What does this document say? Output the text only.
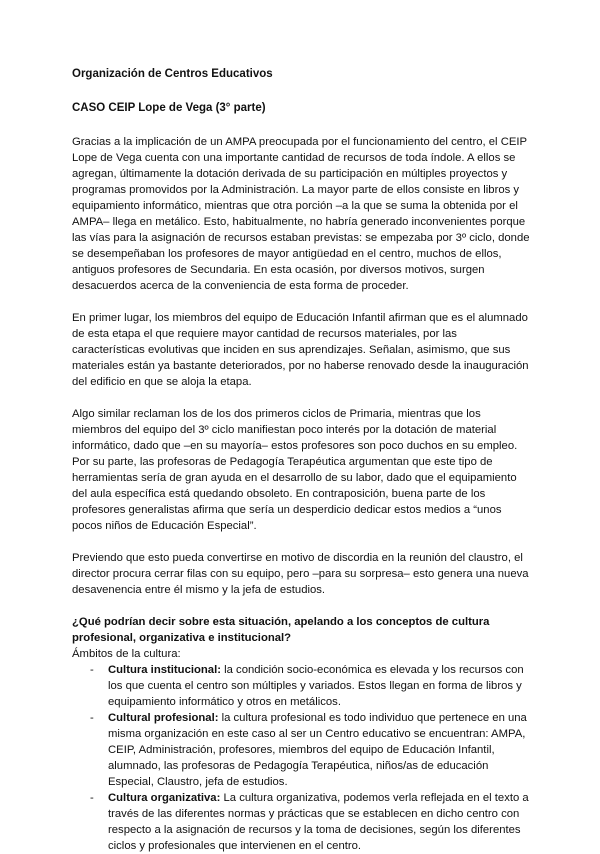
Organización de Centros Educativos
CASO CEIP Lope de Vega (3° parte)

Gracias a la implicación de un AMPA preocupada por el funcionamiento del centro, el CEIP Lope de Vega cuenta con una importante cantidad de recursos de toda índole. A ellos se agregan, últimamente la dotación derivada de su participación en múltiples proyectos y programas promovidos por la Administración. La mayor parte de ellos consiste en libros y equipamiento informático, mientras que otra porción –a la que se suma la obtenida por el AMPA– llega en metálico. Esto, habitualmente, no habría generado inconvenientes porque las vías para la asignación de recursos estaban previstas: se empezaba por 3º ciclo, donde se desempeñaban los profesores de mayor antigüedad en el centro, muchos de ellos, antiguos profesores de Secundaria. En esta ocasión, por diversos motivos, surgen desacuerdos acerca de la conveniencia de esta forma de proceder.

En primer lugar, los miembros del equipo de Educación Infantil afirman que es el alumnado de esta etapa el que requiere mayor cantidad de recursos materiales, por las características evolutivas que inciden en sus aprendizajes. Señalan, asimismo, que sus materiales están ya bastante deteriorados, por no haberse renovado desde la inauguración del edificio en que se aloja la etapa.

Algo similar reclaman los de los dos primeros ciclos de Primaria, mientras que los miembros del equipo del 3º ciclo manifiestan poco interés por la dotación de material informático, dado que –en su mayoría– estos profesores son poco duchos en su empleo. Por su parte, las profesoras de Pedagogía Terapéutica argumentan que este tipo de herramientas sería de gran ayuda en el desarrollo de su labor, dado que el equipamiento del aula específica está quedando obsoleto. En contraposición, buena parte de los profesores generalistas afirma que sería un desperdicio dedicar estos medios a “unos pocos niños de Educación Especial”.

Previendo que esto pueda convertirse en motivo de discordia en la reunión del claustro, el director procura cerrar filas con su equipo, pero –para su sorpresa– esto genera una nueva desavenencia entre él mismo y la jefa de estudios.

¿Qué podrían decir sobre esta situación, apelando a los conceptos de cultura profesional, organizativa e institucional?
Ámbitos de la cultura:
- Cultura institucional: la condición socio-económica es elevada y los recursos con los que cuenta el centro son múltiples y variados. Estos llegan en forma de libros y equipamiento informático y otros en metálicos.
- Cultural profesional: la cultura profesional es todo individuo que pertenece en una misma organización en este caso al ser un Centro educativo se encuentran: AMPA, CEIP, Administración, profesores, miembros del equipo de Educación Infantil, alumnado, las profesoras de Pedagogía Terapéutica, niños/as de educación Especial, Claustro, jefa de estudios.
- Cultura organizativa: La cultura organizativa, podemos verla reflejada en el texto a través de las diferentes normas y prácticas que se establecen en dicho centro con respecto a la asignación de recursos y la toma de decisiones, según los diferentes ciclos y profesionales que intervienen en el centro.
